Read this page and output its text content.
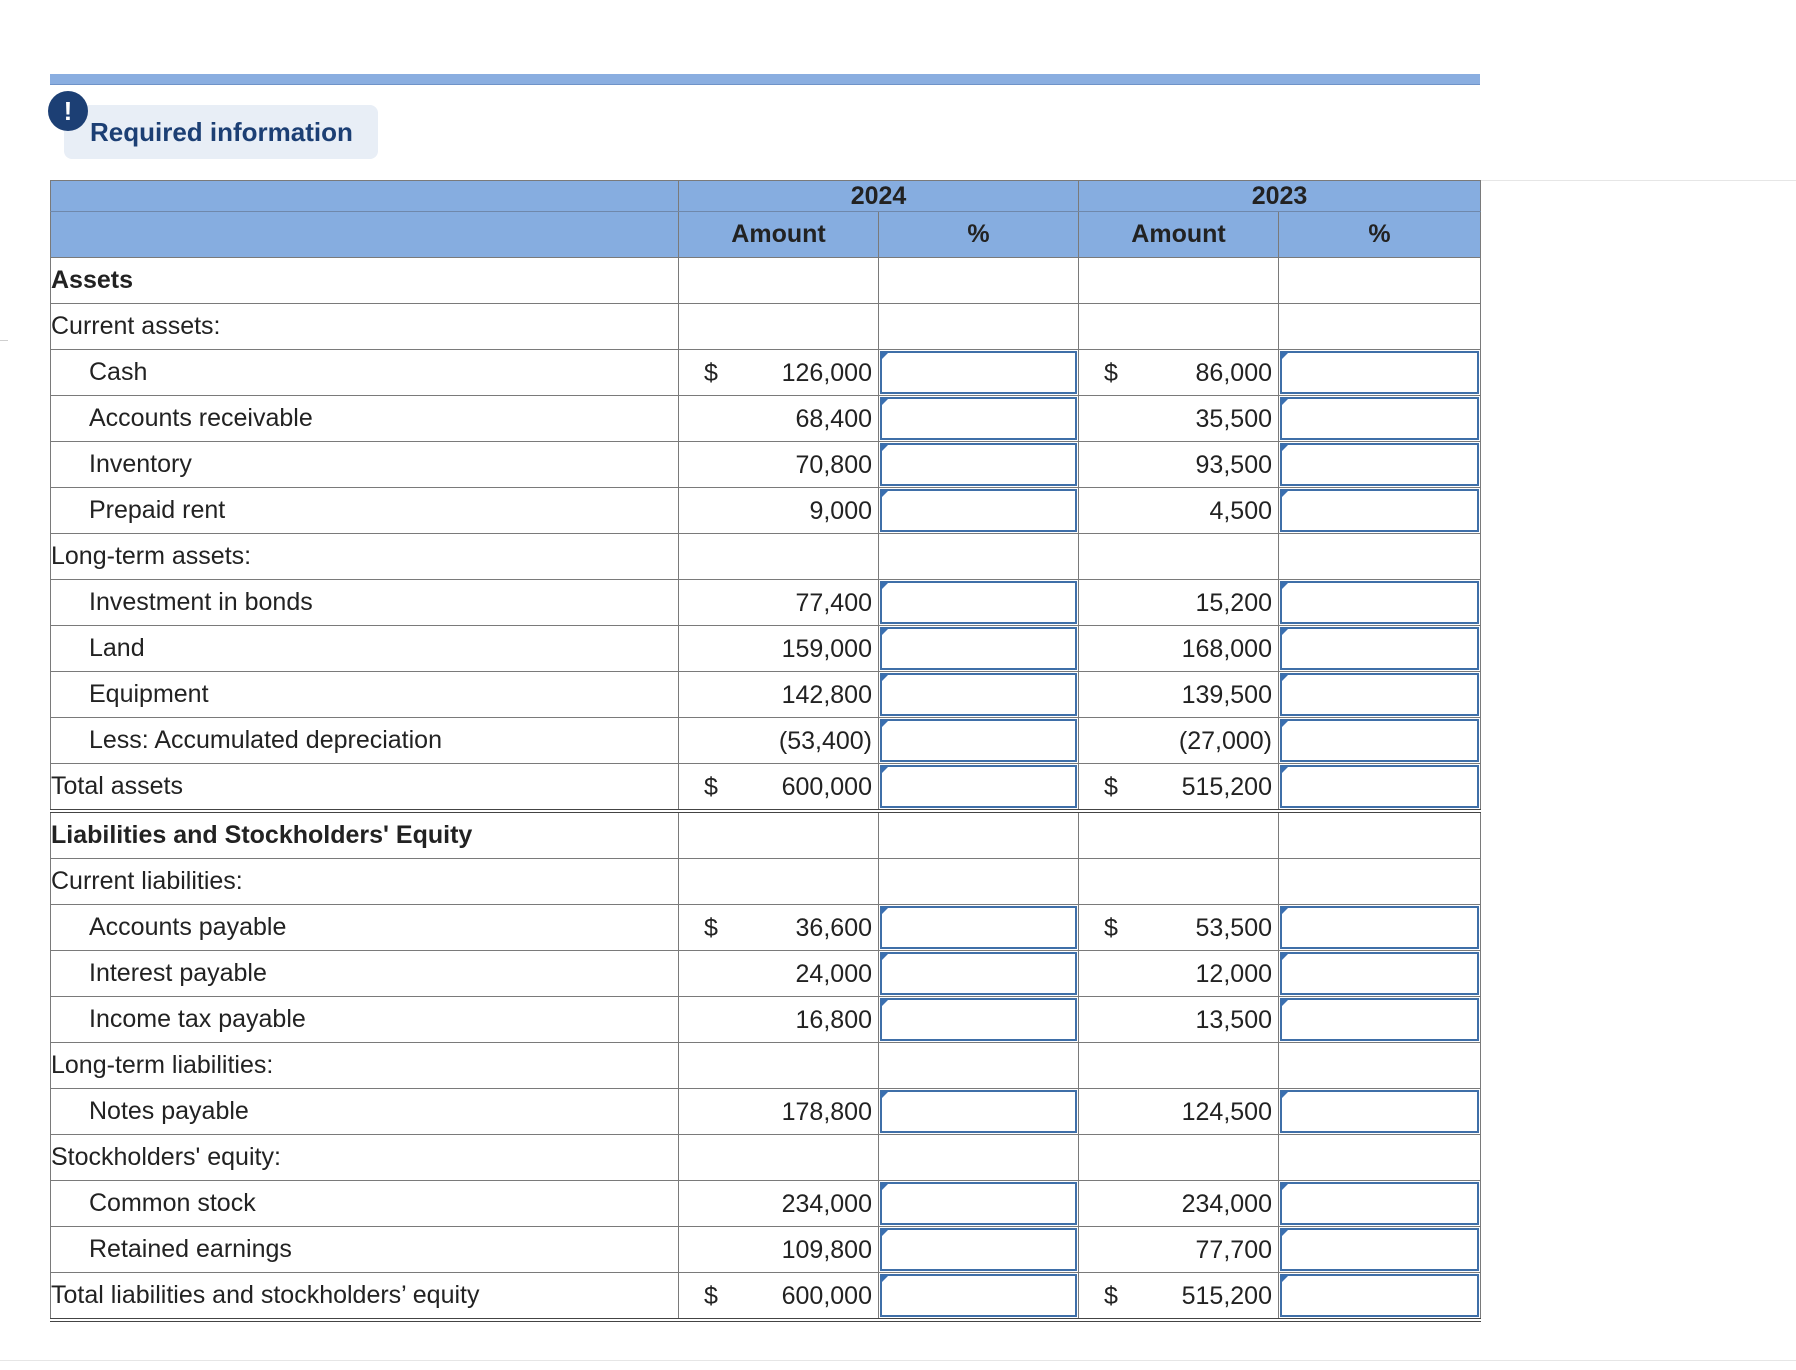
!
Required information
	2024		2023	
	Amount	%	Amount	%
Assets				
Current assets:				
Cash	$ 126,000		$ 86,000	

Accounts receivable	68,400		35,500	

Inventory	70,800		93,500	

Prepaid rent	9,000		4,500	

Long-term assets:				
Investment in bonds	77,400		15,200	

Land	159,000		168,000	

Equipment	142,800		139,500	

Less: Accumulated depreciation	(53,400)		(27,000)	

Total assets	$ 600,000		$ 515,200	

Liabilities and Stockholders' Equity				
Current liabilities:				
Accounts payable	$ 36,600		$ 53,500	

Interest payable	24,000		12,000	

Income tax payable	16,800		13,500	

Long-term liabilities:				
Notes payable	178,800		124,500	

Stockholders' equity:				
Common stock	234,000		234,000	

Retained earnings	109,800		77,700	

Total liabilities and stockholders’ equity	$ 600,000		$ 515,200	
